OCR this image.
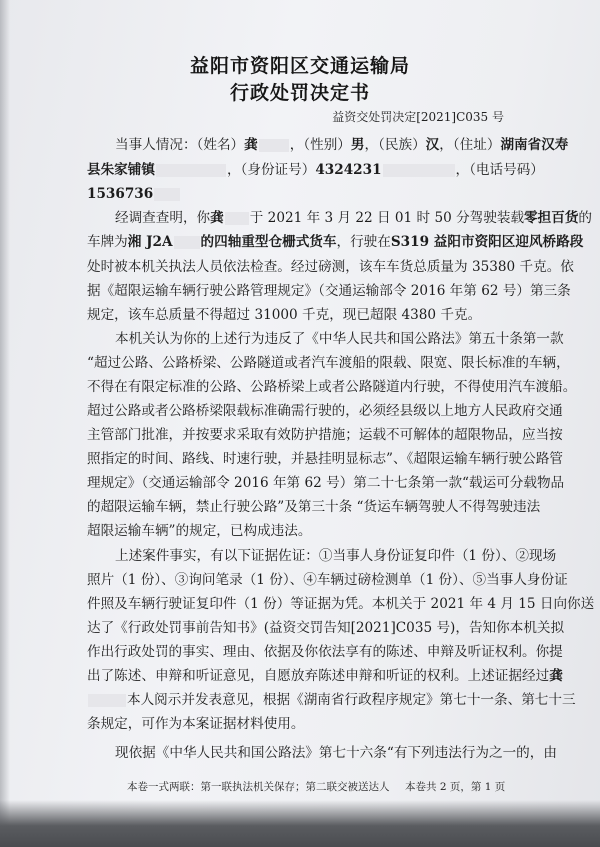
益阳市资阳区交通运输局
行政处罚决定书
益资交处罚决定[2021]C035 号
当事人情况：（姓名）龚 ，（性别）男，（民族）汉，（住址）湖南省汉寿
县朱家铺镇	，（身份证号）4324231	，（电话号码）
1536736
经调查查明，你龚 于 2021 年 3 月 22 日 01 时 50 分驾驶装载零担百货的
车牌为湘 J2A 的四轴重型仓栅式货车，行驶在S319 益阳市资阳区迎风桥路段
处时被本机关执法人员依法检查。经过磅测，该车车货总质量为 35380 千克。依
据《超限运输车辆行驶公路管理规定》（交通运输部令 2016 年第 62 号）第三条
规定，该车总质量不得超过 31000 千克，现已超限 4380 千克。
本机关认为你的上述行为违反了《中华人民共和国公路法》第五十条第一款
“超过公路、公路桥梁、公路隧道或者汽车渡船的限载、限宽、限长标准的车辆，
不得在有限定标准的公路、公路桥梁上或者公路隧道内行驶，不得使用汽车渡船。
超过公路或者公路桥梁限载标准确需行驶的，必须经县级以上地方人民政府交通
主管部门批准，并按要求采取有效防护措施；运载不可解体的超限物品，应当按
照指定的时间、路线、时速行驶，并悬挂明显标志”、《超限运输车辆行驶公路管
理规定》（交通运输部令 2016 年第 62 号）第二十七条第一款“载运可分载物品
的超限运输车辆，禁止行驶公路”及第三十条 “货运车辆驾驶人不得驾驶违法
超限运输车辆”的规定，已构成违法。
上述案件事实，有以下证据佐证：①当事人身份证复印件（1 份）、②现场
照片（1 份）、③询问笔录（1 份）、④车辆过磅检测单（1 份）、⑤当事人身份证
件照及车辆行驶证复印件（1 份）等证据为凭。本机关于 2021 年 4 月 15 日向你送
达了《行政处罚事前告知书》(益资交罚告知[2021]C035 号)，告知你本机关拟
作出行政处罚的事实、理由、依据及你依法享有的陈述、申辩及听证权利。你提
出了陈述、申辩和听证意见，自愿放弃陈述申辩和听证的权利。上述证据经过龚
本人阅示并发表意见，根据《湖南省行政程序规定》第七十一条、第七十三
条规定，可作为本案证据材料使用。
现依据《中华人民共和国公路法》第七十六条“有下列违法行为之一的，由
本卷一式两联：第一联执法机关保存；第二联交被送达人 本卷共 2 页，第 1 页
